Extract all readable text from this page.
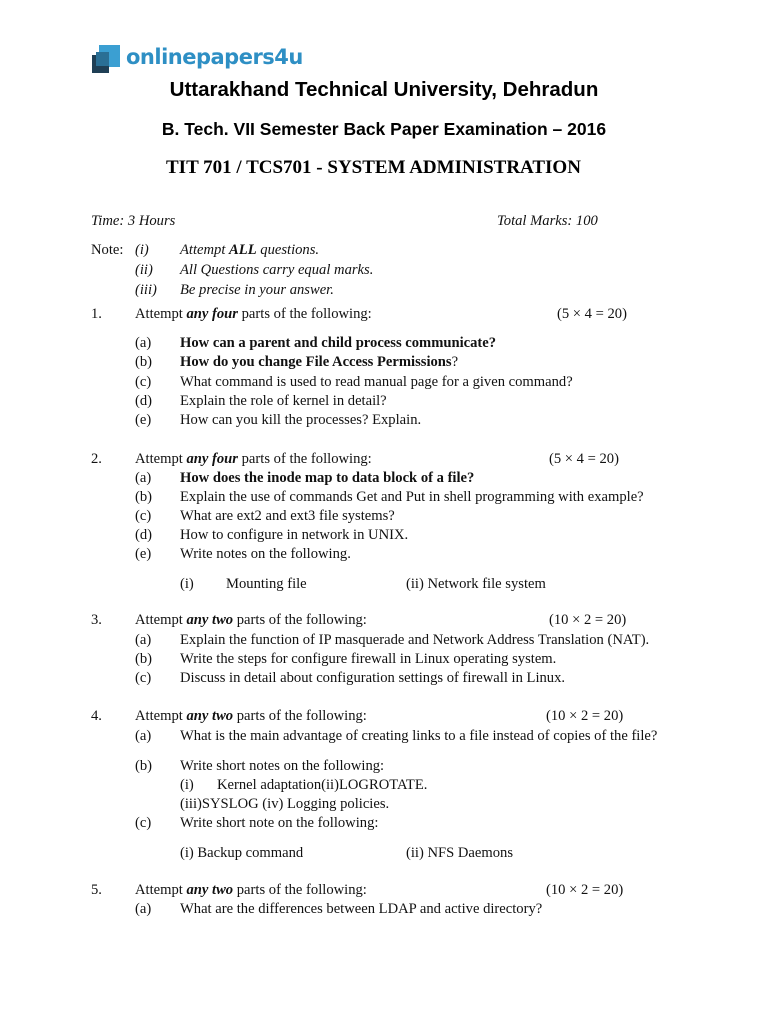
onlinepapers4u
Uttarakhand Technical University, Dehradun
B. Tech. VII Semester Back Paper Examination – 2016
TIT 701 / TCS701 - SYSTEM ADMINISTRATION
Time: 3 Hours	Total Marks: 100
Note: (i) Attempt ALL questions.
(ii) All Questions carry equal marks.
(iii) Be precise in your answer.
1. Attempt any four parts of the following:	(5 × 4 = 20)
(a) How can a parent and child process communicate?
(b) How do you change File Access Permissions?
(c) What command is used to read manual page for a given command?
(d) Explain the role of kernel in detail?
(e) How can you kill the processes? Explain.
2. Attempt any four parts of the following:	(5 × 4 = 20)
(a) How does the inode map to data block of a file?
(b) Explain the use of commands Get and Put in shell programming with example?
(c) What are ext2 and ext3 file systems?
(d) How to configure in network in UNIX.
(e) Write notes on the following.
(i) Mounting file	(ii) Network file system
3. Attempt any two parts of the following:	(10 × 2 = 20)
(a) Explain the function of IP masquerade and Network Address Translation (NAT).
(b) Write the steps for configure firewall in Linux operating system.
(c) Discuss in detail about configuration settings of firewall in Linux.
4. Attempt any two parts of the following:	(10 × 2 = 20)
(a) What is the main advantage of creating links to a file instead of copies of the file?
(b) Write short notes on the following:
(i) Kernel adaptation(ii)LOGROTATE.
(iii)SYSLOG (iv) Logging policies.
(c) Write short note on the following:
(i) Backup command	(ii) NFS Daemons
5. Attempt any two parts of the following:	(10 × 2 = 20)
(a) What are the differences between LDAP and active directory?
